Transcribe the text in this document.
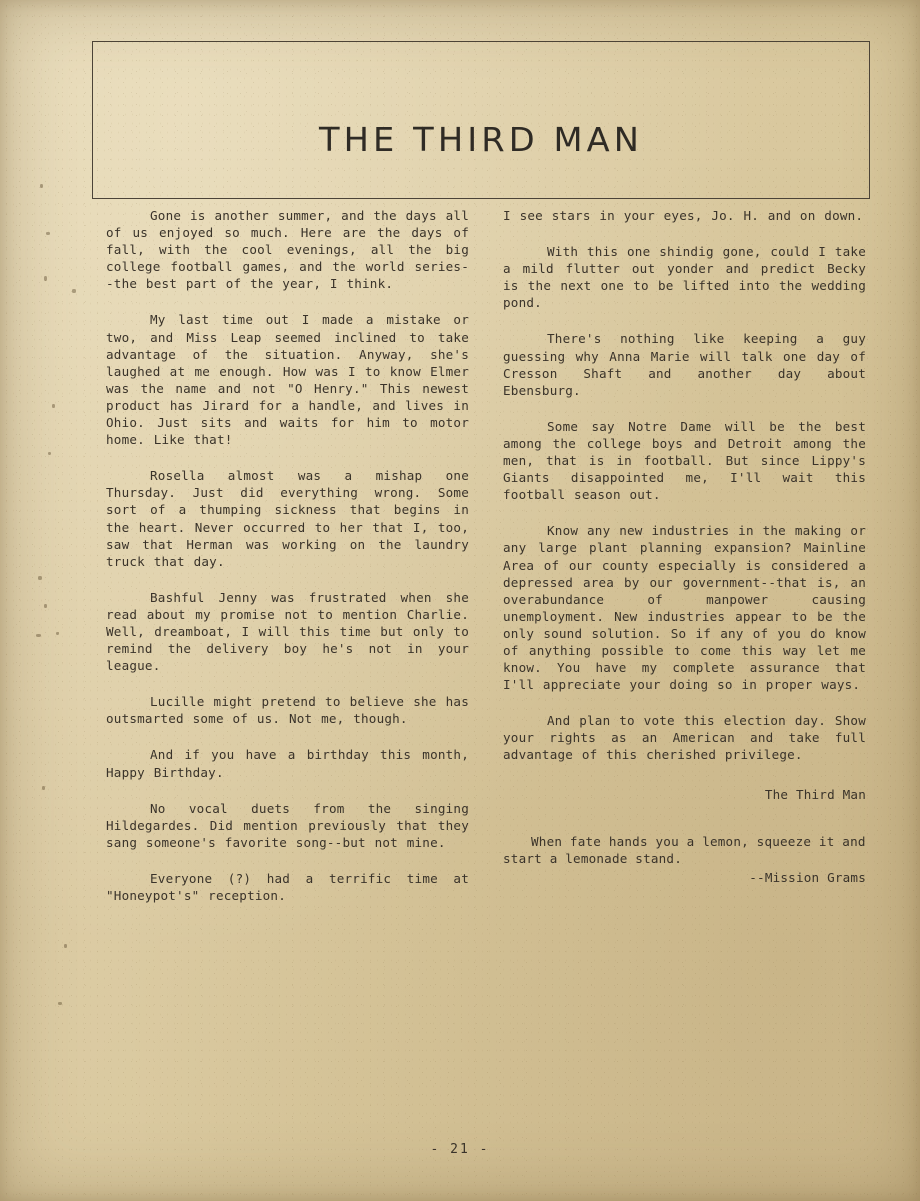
THE THIRD MAN

Gone is another summer, and the days all of us enjoyed so much. Here are the days of fall, with the cool evenings, all the big college football games, and the world series--the best part of the year, I think.

My last time out I made a mistake or two, and Miss Leap seemed inclined to take advantage of the situation. Anyway, she's laughed at me enough. How was I to know Elmer was the name and not "O Henry." This newest product has Jirard for a handle, and lives in Ohio. Just sits and waits for him to motor home. Like that!

Rosella almost was a mishap one Thursday. Just did everything wrong. Some sort of a thumping sickness that begins in the heart. Never occurred to her that I, too, saw that Herman was working on the laundry truck that day.

Bashful Jenny was frustrated when she read about my promise not to mention Charlie. Well, dreamboat, I will this time but only to remind the delivery boy he's not in your league.

Lucille might pretend to believe she has outsmarted some of us. Not me, though.

And if you have a birthday this month, Happy Birthday.

No vocal duets from the singing Hildegardes. Did mention previously that they sang someone's favorite song--but not mine.

Everyone (?) had a terrific time at "Honeypot's" reception.

I see stars in your eyes, Jo. H. and on down.

With this one shindig gone, could I take a mild flutter out yonder and predict Becky is the next one to be lifted into the wedding pond.

There's nothing like keeping a guy guessing why Anna Marie will talk one day of Cresson Shaft and another day about Ebensburg.

Some say Notre Dame will be the best among the college boys and Detroit among the men, that is in football. But since Lippy's Giants disappointed me, I'll wait this football season out.

Know any new industries in the making or any large plant planning expansion? Mainline Area of our county especially is considered a depressed area by our government--that is, an overabundance of manpower causing unemployment. New industries appear to be the only sound solution. So if any of you do know of anything possible to come this way let me know. You have my complete assurance that I'll appreciate your doing so in proper ways.

And plan to vote this election day. Show your rights as an American and take full advantage of this cherished privilege.

The Third Man

When fate hands you a lemon, squeeze it and start a lemonade stand.

--Mission Grams

- 21 -
